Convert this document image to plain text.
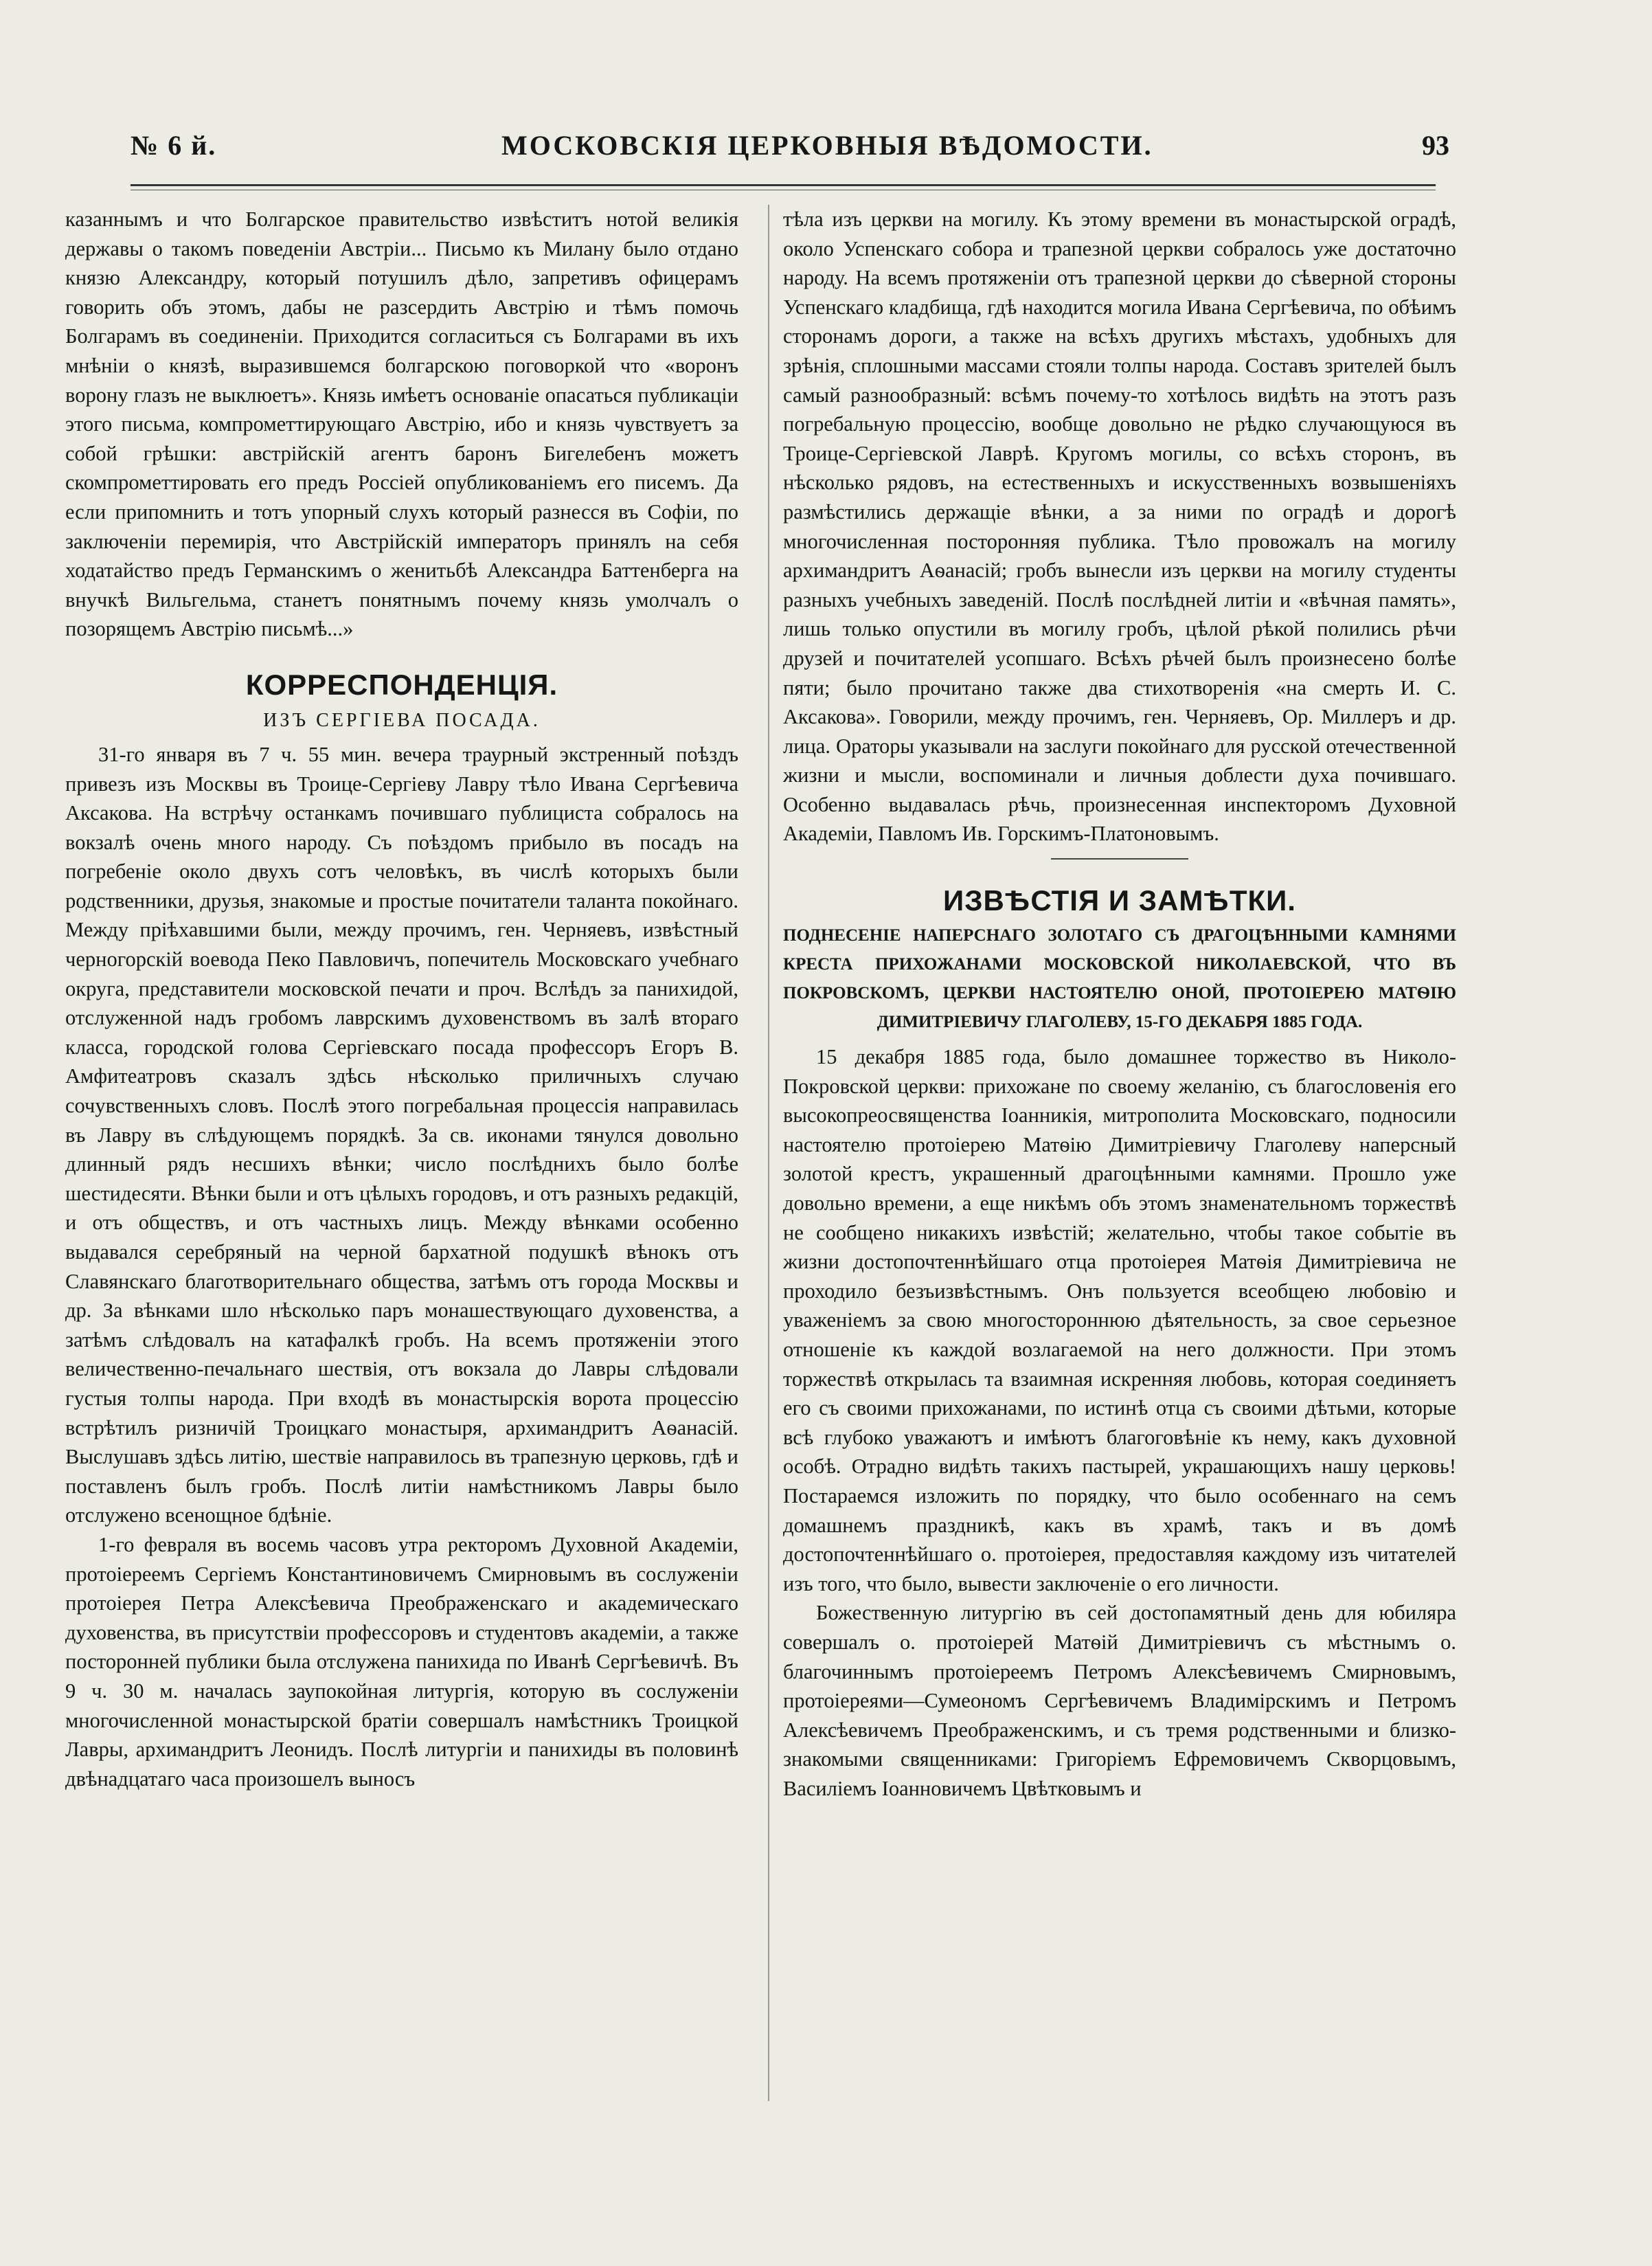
№ 6 й.	МОСКОВСКІЯ ЦЕРКОВНЫЯ ВѢДОМОСТИ.	93

казаннымъ и что Болгарское правительство извѣститъ нотой великія державы о такомъ поведеніи Австріи... Письмо къ Милану было отдано князю Александру, который потушилъ дѣло, запретивъ офицерамъ говорить объ этомъ, дабы не разсердить Австрію и тѣмъ помочь Болгарамъ въ соединеніи. Приходится согласиться съ Болгарами въ ихъ мнѣніи о князѣ, выразившемся болгарскою поговоркой что «воронъ ворону глазъ не выклюетъ». Князь имѣетъ основаніе опасаться публикаціи этого письма, компрометтирующаго Австрію, ибо и князь чувствуетъ за собой грѣшки: австрійскій агентъ баронъ Бигелебенъ можетъ скомпрометтировать его предъ Россіей опубликованіемъ его писемъ. Да если припомнить и тотъ упорный слухъ который разнесся въ Софіи, по заключеніи перемирія, что Австрійскій императоръ принялъ на себя ходатайство предъ Германскимъ о женитьбѣ Александра Баттенберга на внучкѣ Вильгельма, станетъ понятнымъ почему князь умолчалъ о позорящемъ Австрію письмѣ...»

КОРРЕСПОНДЕНЦІЯ.
ИЗЪ СЕРГІЕВА ПОСАДА.

31-го января въ 7 ч. 55 мин. вечера траурный экстренный поѣздъ привезъ изъ Москвы въ Троице-Сергіеву Лавру тѣло Ивана Сергѣевича Аксакова. На встрѣчу останкамъ почившаго публициста собралось на вокзалѣ очень много народу. Съ поѣздомъ прибыло въ посадъ на погребеніе около двухъ сотъ человѣкъ, въ числѣ которыхъ были родственники, друзья, знакомые и простые почитатели таланта покойнаго. Между пріѣхавшими были, между прочимъ, ген. Черняевъ, извѣстный черногорскій воевода Пеко Павловичъ, попечитель Московскаго учебнаго округа, представители московской печати и проч. Вслѣдъ за панихидой, отслуженной надъ гробомъ лаврскимъ духовенствомъ въ залѣ втораго класса, городской голова Сергіевскаго посада профессоръ Егоръ В. Амфитеатровъ сказалъ здѣсь нѣсколько приличныхъ случаю сочувственныхъ словъ. Послѣ этого погребальная процессія направилась въ Лавру въ слѣдующемъ порядкѣ. За св. иконами тянулся довольно длинный рядъ несшихъ вѣнки; число послѣднихъ было болѣе шестидесяти. Вѣнки были и отъ цѣлыхъ городовъ, и отъ разныхъ редакцій, и отъ обществъ, и отъ частныхъ лицъ. Между вѣнками особенно выдавался серебряный на черной бархатной подушкѣ вѣнокъ отъ Славянскаго благотворительнаго общества, затѣмъ отъ города Москвы и др. За вѣнками шло нѣсколько паръ монашествующаго духовенства, а затѣмъ слѣдовалъ на катафалкѣ гробъ. На всемъ протяженіи этого величественно-печальнаго шествія, отъ вокзала до Лавры слѣдовали густыя толпы народа. При входѣ въ монастырскія ворота процессію встрѣтилъ ризничій Троицкаго монастыря, архимандритъ Аѳанасій. Выслушавъ здѣсь литію, шествіе направилось въ трапезную церковь, гдѣ и поставленъ былъ гробъ. Послѣ литіи намѣстникомъ Лавры было отслужено всенощное бдѣніе.

1-го февраля въ восемь часовъ утра ректоромъ Духовной Академіи, протоіереемъ Сергіемъ Константиновичемъ Смирновымъ въ сослуженіи протоіерея Петра Алексѣевича Преображенскаго и академическаго духовенства, въ присутствіи профессоровъ и студентовъ академіи, а также посторонней публики была отслужена панихида по Иванѣ Сергѣевичѣ. Въ 9 ч. 30 м. началась заупокойная литургія, которую въ сослуженіи многочисленной монастырской братіи совершалъ намѣстникъ Троицкой Лавры, архимандритъ Леонидъ. Послѣ литургіи и панихиды въ половинѣ двѣнадцатаго часа произошелъ выносъ

тѣла изъ церкви на могилу. Къ этому времени въ монастырской оградѣ, около Успенскаго собора и трапезной церкви собралось уже достаточно народу. На всемъ протяженіи отъ трапезной церкви до сѣверной стороны Успенскаго кладбища, гдѣ находится могила Ивана Сергѣевича, по обѣимъ сторонамъ дороги, а также на всѣхъ другихъ мѣстахъ, удобныхъ для зрѣнія, сплошными массами стояли толпы народа. Составъ зрителей былъ самый разнообразный: всѣмъ почему-то хотѣлось видѣть на этотъ разъ погребальную процессію, вообще довольно не рѣдко случающуюся въ Троице-Сергіевской Лаврѣ. Кругомъ могилы, со всѣхъ сторонъ, въ нѣсколько рядовъ, на естественныхъ и искусственныхъ возвышеніяхъ размѣстились держащіе вѣнки, а за ними по оградѣ и дорогѣ многочисленная посторонняя публика. Тѣло провожалъ на могилу архимандритъ Аѳанасій; гробъ вынесли изъ церкви на могилу студенты разныхъ учебныхъ заведеній. Послѣ послѣдней литіи и «вѣчная память», лишь только опустили въ могилу гробъ, цѣлой рѣкой полились рѣчи друзей и почитателей усопшаго. Всѣхъ рѣчей былъ произнесено болѣе пяти; было прочитано также два стихотворенія «на смерть И. С. Аксакова». Говорили, между прочимъ, ген. Черняевъ, Ор. Миллеръ и др. лица. Ораторы указывали на заслуги покойнаго для русской отечественной жизни и мысли, воспоминали и личныя доблести духа почившаго. Особенно выдавалась рѣчь, произнесенная инспекторомъ Духовной Академіи, Павломъ Ив. Горскимъ-Платоновымъ.

ИЗВѢСТІЯ И ЗАМѢТКИ.
ПОДНЕСЕНІЕ НАПЕРСНАГО ЗОЛОТАГО СЪ ДРАГОЦѢННЫМИ КАМНЯМИ КРЕСТА ПРИХОЖАНАМИ МОСКОВСКОЙ НИКОЛАЕВСКОЙ, ЧТО ВЪ ПОКРОВСКОМЪ, ЦЕРКВИ НАСТОЯТЕЛЮ ОНОЙ, ПРОТОІЕРЕЮ МАТѲІЮ ДИМИТРІЕВИЧУ ГЛАГОЛЕВУ, 15-ГО ДЕКАБРЯ 1885 ГОДА.

15 декабря 1885 года, было домашнее торжество въ Николо-Покровской церкви: прихожане по своему желанію, съ благословенія его высокопреосвященства Іоанникія, митрополита Московскаго, подносили настоятелю протоіерею Матѳію Димитріевичу Глаголеву наперсный золотой крестъ, украшенный драгоцѣнными камнями. Прошло уже довольно времени, а еще никѣмъ объ этомъ знаменательномъ торжествѣ не сообщено никакихъ извѣстій; желательно, чтобы такое событіе въ жизни достопочтеннѣйшаго отца протоіерея Матѳія Димитріевича не проходило безъизвѣстнымъ. Онъ пользуется всеобщею любовію и уваженіемъ за свою многостороннюю дѣятельность, за свое серьезное отношеніе къ каждой возлагаемой на него должности. При этомъ торжествѣ открылась та взаимная искренняя любовь, которая соединяетъ его съ своими прихожанами, по истинѣ отца съ своими дѣтьми, которые всѣ глубоко уважаютъ и имѣютъ благоговѣніе къ нему, какъ духовной особѣ. Отрадно видѣть такихъ пастырей, украшающихъ нашу церковь! Постараемся изложить по порядку, что было особеннаго на семъ домашнемъ праздникѣ, какъ въ храмѣ, такъ и въ домѣ достопочтеннѣйшаго о. протоіерея, предоставляя каждому изъ читателей изъ того, что было, вывести заключеніе о его личности.

Божественную литургію въ сей достопамятный день для юбиляра совершалъ о. протоіерей Матѳій Димитріевичъ съ мѣстнымъ о. благочиннымъ протоіереемъ Петромъ Алексѣевичемъ Смирновымъ, протоіереями—Сумеономъ Сергѣевичемъ Владимірскимъ и Петромъ Алексѣевичемъ Преображенскимъ, и съ тремя родственными и близко-знакомыми священниками: Григоріемъ Ефремовичемъ Скворцовымъ, Василіемъ Іоанновичемъ Цвѣтковымъ и
